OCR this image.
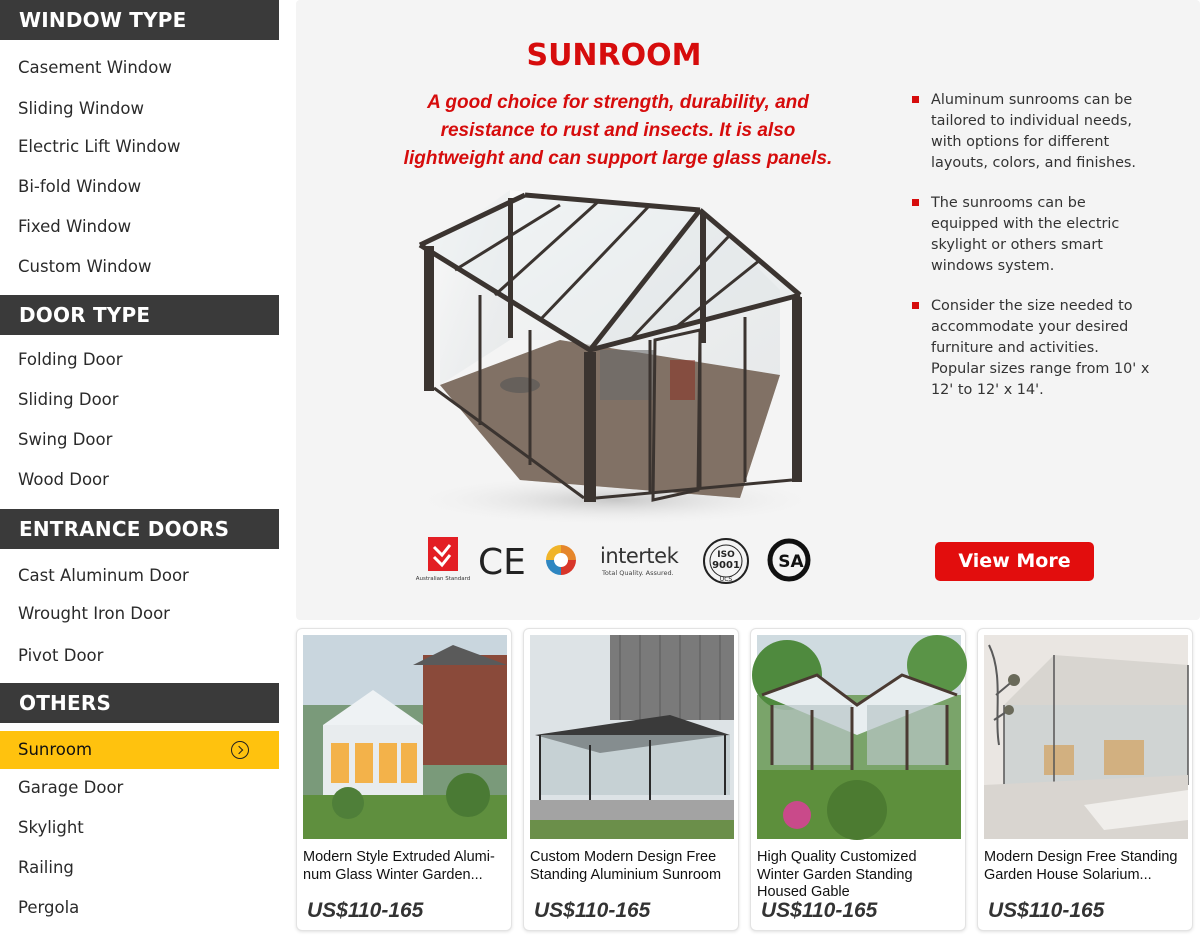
WINDOW TYPE
Casement Window
Sliding Window
Electric Lift Window
Bi-fold Window
Fixed Window
Custom Window
DOOR TYPE
Folding Door
Sliding Door
Swing Door
Wood Door
ENTRANCE DOORS
Cast Aluminum Door
Wrought Iron Door
Pivot Door
OTHERS
Sunroom
Garage Door
Skylight
Railing
Pergola
SUNROOM

A good choice for strength, durability, and resistance to rust and insects. It is also lightweight and can support large glass panels.

Aluminum sunrooms can be tailored to individual needs, with options for different layouts, colors, and finishes.
The sunrooms can be equipped with the electric skylight or others smart windows system.
Consider the size needed to accommodate your desired furniture and activities. Popular sizes range from 10' x 12' to 12' x 14'.
Australian Standard CE	intertek
Total Quality. Assured.
ISO
9001
UCS
SA	View More
Modern Style Extruded Alumi-num Glass Winter Garden...
US$110-165
Custom Modern Design Free Standing Aluminium Sunroom
US$110-165
High Quality Customized Winter Garden Standing Housed Gable
US$110-165
Modern Design Free Standing Garden House Solarium...
US$110-165
